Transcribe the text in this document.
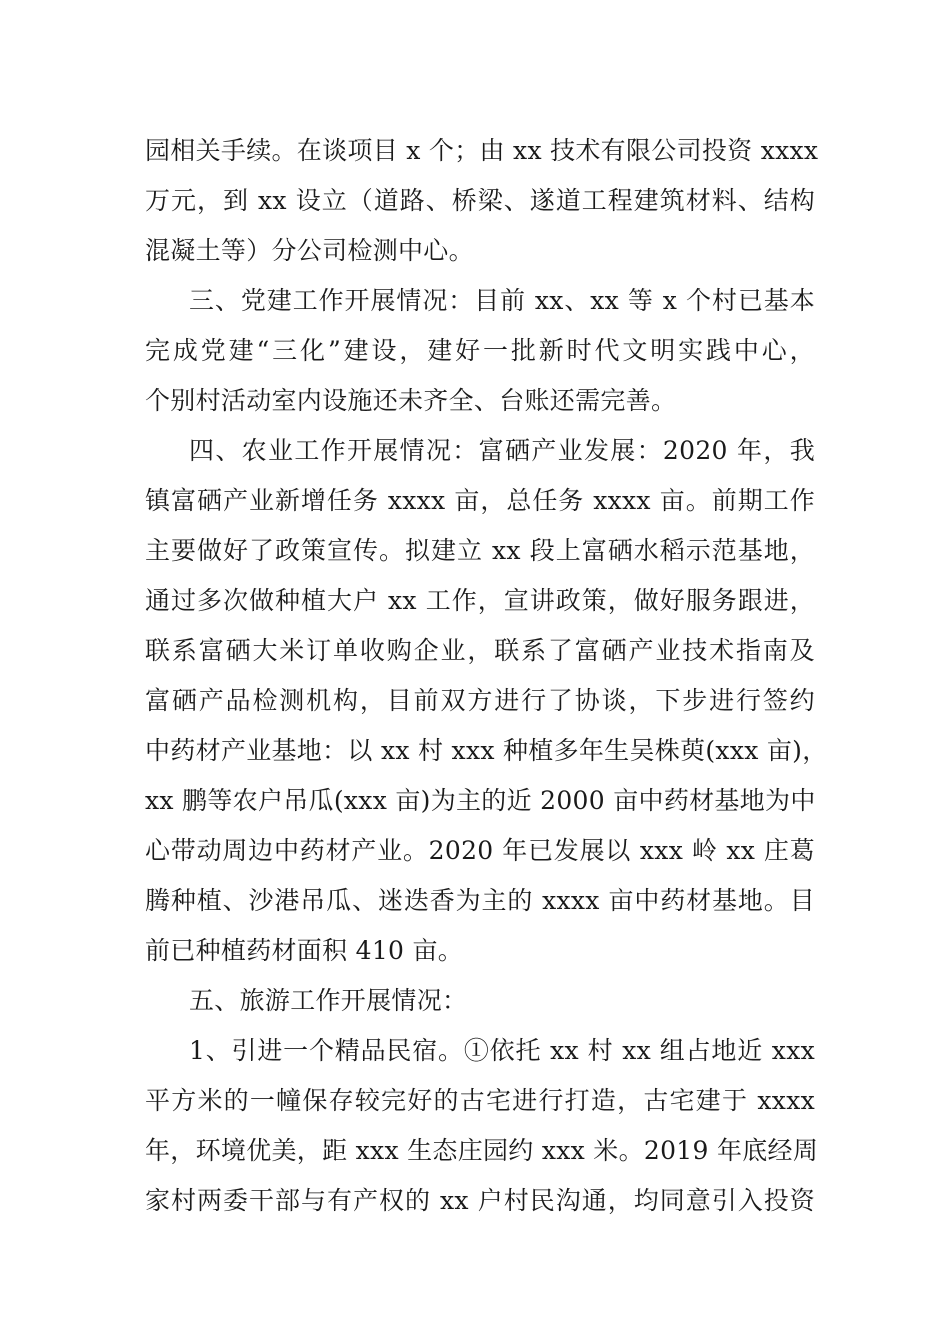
园相关手续。在谈项目 x 个；由 xx 技术有限公司投资 xxxx
万元，到 xx 设立（道路、桥梁、遂道工程建筑材料、结构
混凝土等）分公司检测中心。
三、党建工作开展情况：目前 xx、xx 等 x 个村已基本
完成党建“三化”建设，建好一批新时代文明实践中心，
个别村活动室内设施还未齐全、台账还需完善。
四、农业工作开展情况：富硒产业发展：2020 年，我
镇富硒产业新增任务 xxxx 亩，总任务 xxxx 亩。前期工作
主要做好了政策宣传。拟建立 xx 段上富硒水稻示范基地，
通过多次做种植大户 xx 工作，宣讲政策，做好服务跟进，
联系富硒大米订单收购企业，联系了富硒产业技术指南及
富硒产品检测机构，目前双方进行了协谈，下步进行签约
中药材产业基地：以 xx 村 xxx 种植多年生吴株萸(xxx 亩)，
xx 鹏等农户吊瓜(xxx 亩)为主的近 2000 亩中药材基地为中
心带动周边中药材产业。2020 年已发展以 xxx 岭 xx 庄葛
腾种植、沙港吊瓜、迷迭香为主的 xxxx 亩中药材基地。目
前已种植药材面积 410 亩。
五、旅游工作开展情况：
1、引进一个精品民宿。①依托 xx 村 xx 组占地近 xxx
平方米的一幢保存较完好的古宅进行打造，古宅建于 xxxx
年，环境优美，距 xxx 生态庄园约 xxx 米。2019 年底经周
家村两委干部与有产权的 xx 户村民沟通，均同意引入投资
